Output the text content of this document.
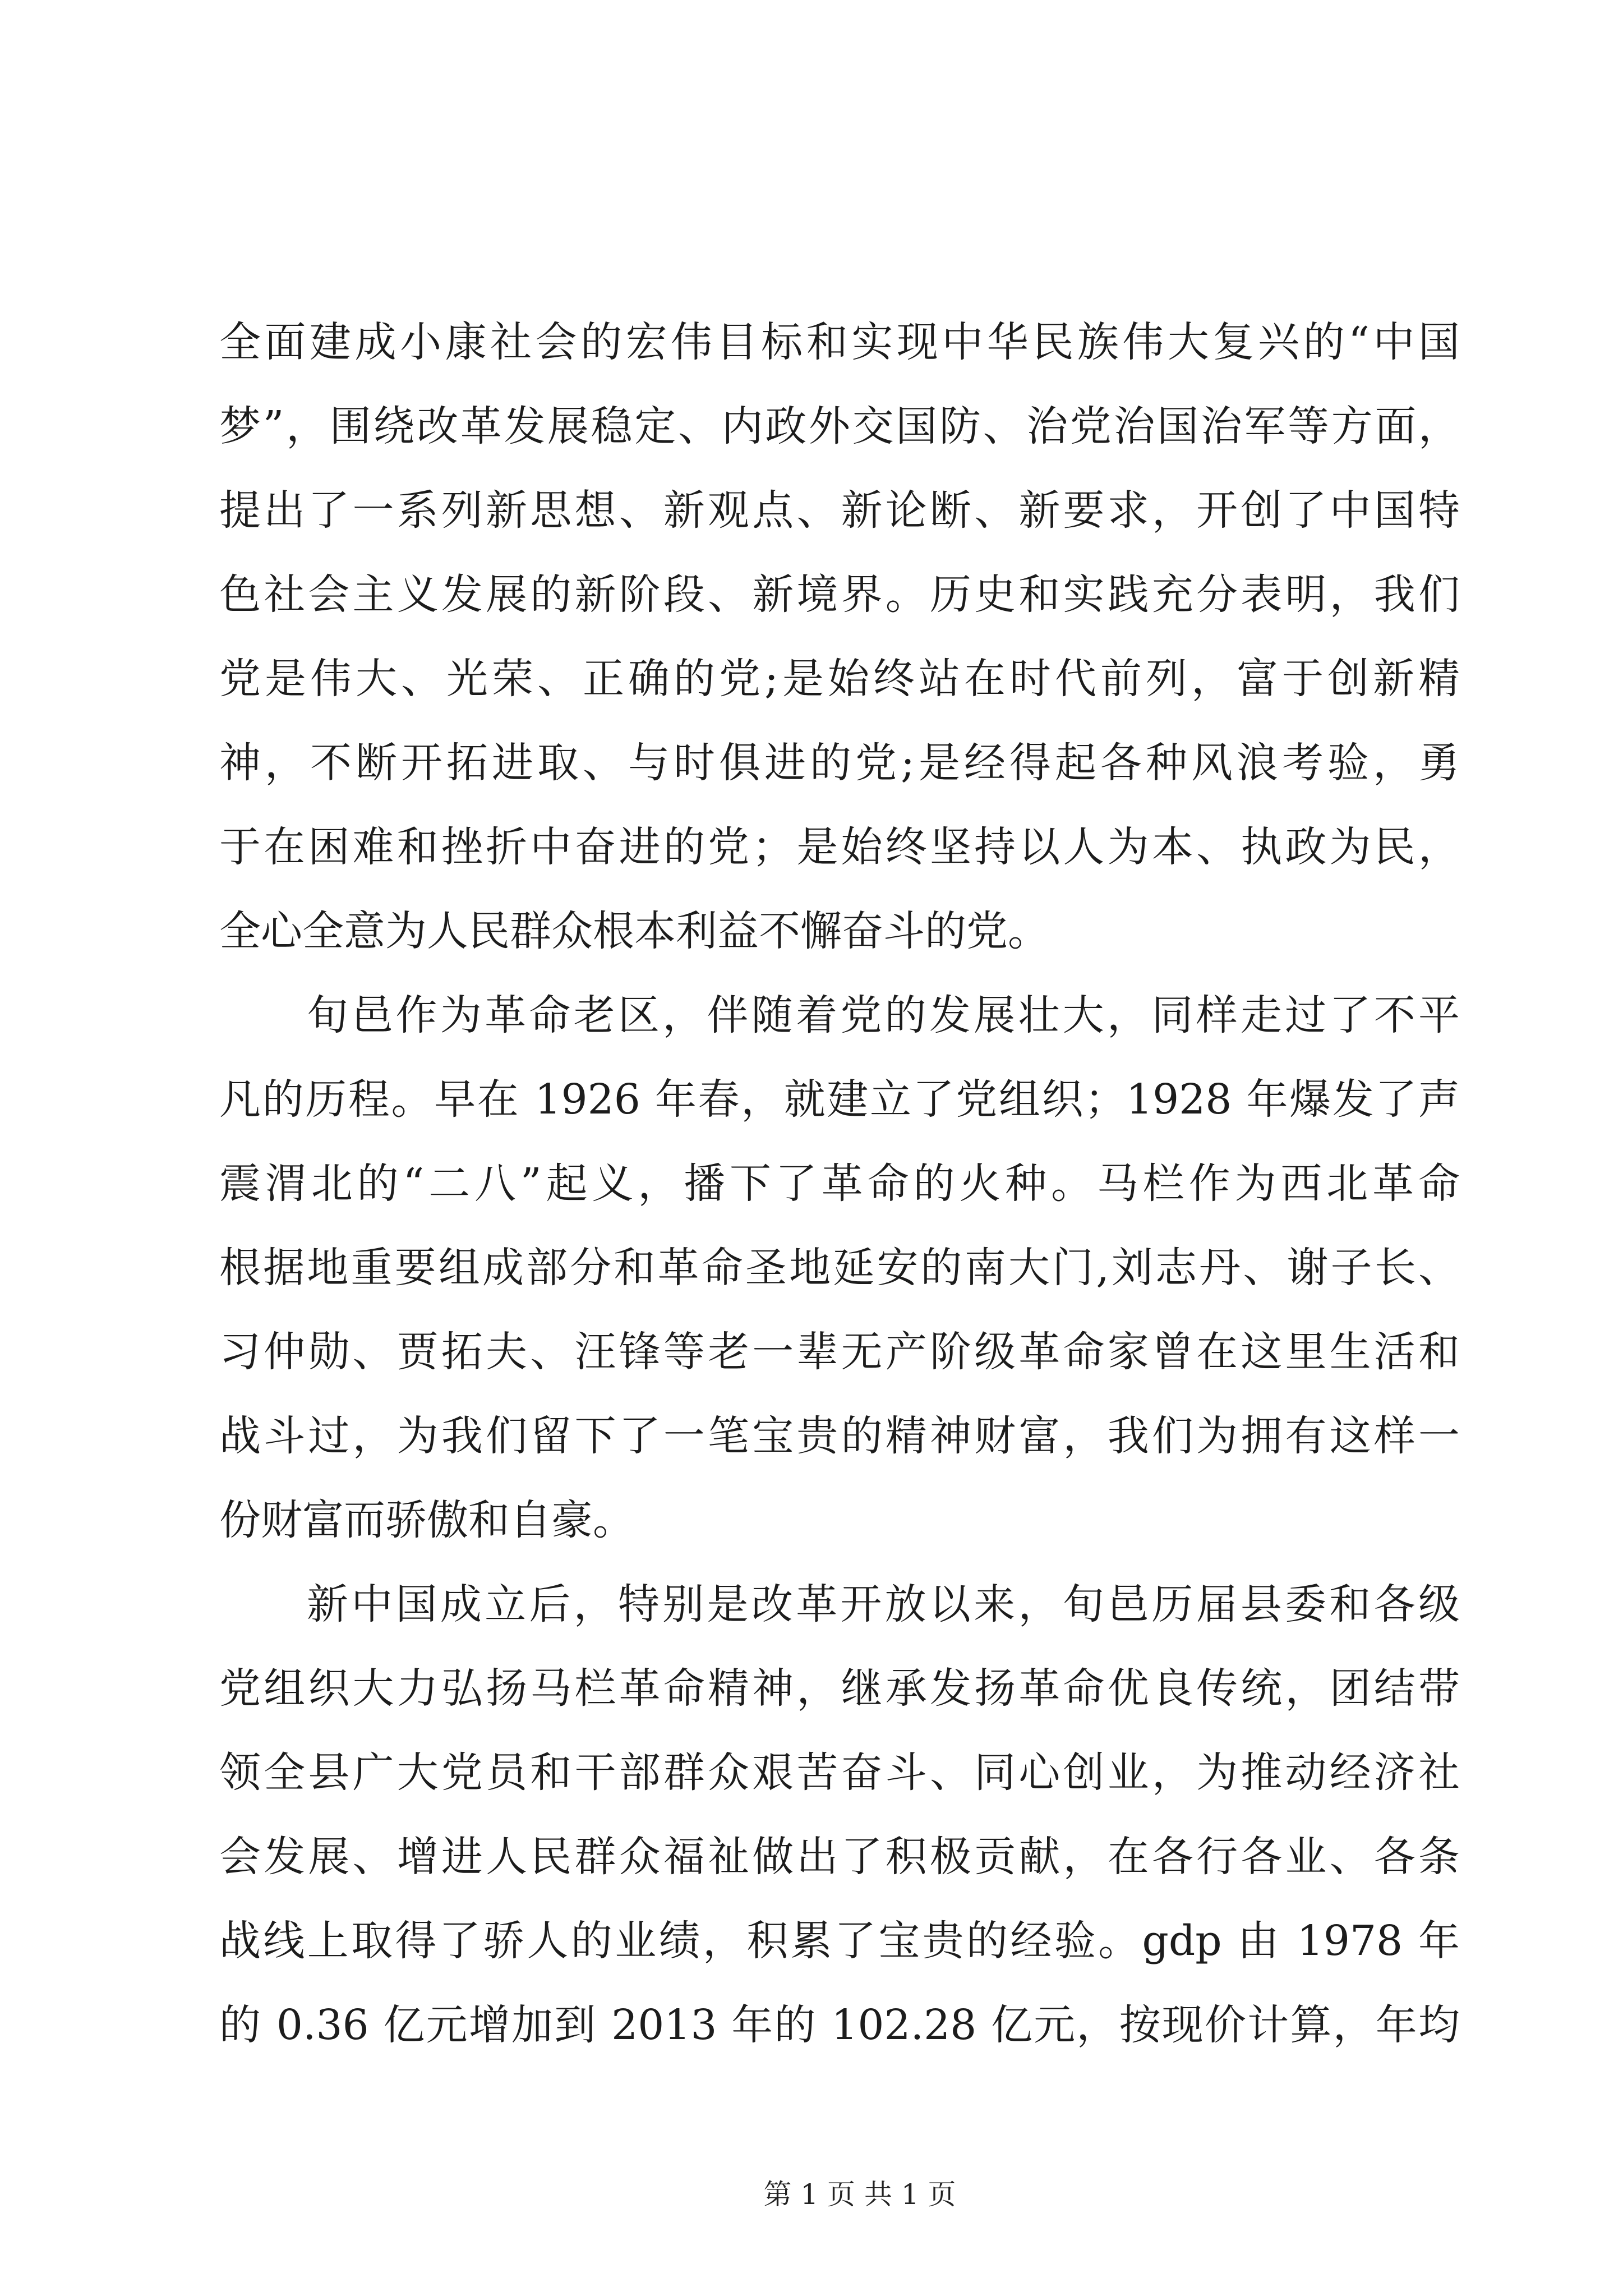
全面建成小康社会的宏伟目标和实现中华民族伟大复兴的“中国
梦”，围绕改革发展稳定、内政外交国防、治党治国治军等方面，
提出了一系列新思想、新观点、新论断、新要求，开创了中国特
色社会主义发展的新阶段、新境界。历史和实践充分表明，我们
党是伟大、光荣、正确的党;是始终站在时代前列，富于创新精
神，不断开拓进取、与时俱进的党;是经得起各种风浪考验，勇
于在困难和挫折中奋进的党；是始终坚持以人为本、执政为民，
全心全意为人民群众根本利益不懈奋斗的党。
旬邑作为革命老区，伴随着党的发展壮大，同样走过了不平
凡的历程。早在 1926 年春，就建立了党组织；1928 年爆发了声
震渭北的“二八”起义，播下了革命的火种。马栏作为西北革命
根据地重要组成部分和革命圣地延安的南大门,刘志丹、谢子长、
习仲勋、贾拓夫、汪锋等老一辈无产阶级革命家曾在这里生活和
战斗过，为我们留下了一笔宝贵的精神财富，我们为拥有这样一
份财富而骄傲和自豪。
新中国成立后，特别是改革开放以来，旬邑历届县委和各级
党组织大力弘扬马栏革命精神，继承发扬革命优良传统，团结带
领全县广大党员和干部群众艰苦奋斗、同心创业，为推动经济社
会发展、增进人民群众福祉做出了积极贡献，在各行各业、各条
战线上取得了骄人的业绩，积累了宝贵的经验。gdp 由 1978 年
的 0.36 亿元增加到 2013 年的 102.28 亿元，按现价计算，年均
第 1 页 共 1 页
